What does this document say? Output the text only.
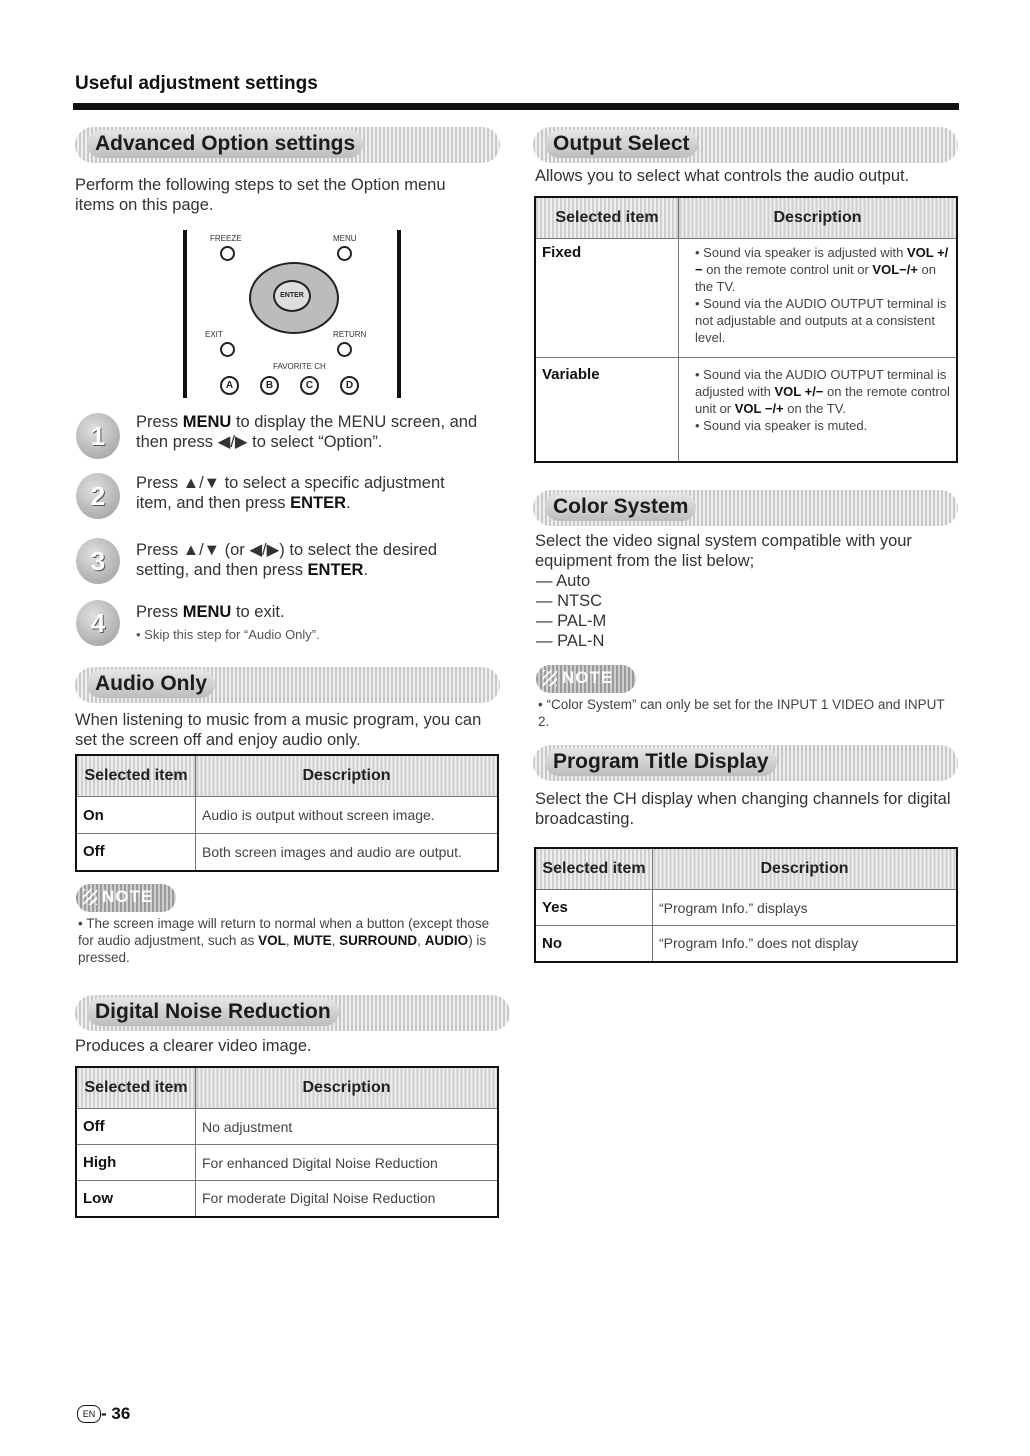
Useful adjustment settings
Advanced Option settings
Perform the following steps to set the Option menu items on this page.
FREEZE	MENU
ENTER
EXIT	RETURN
FAVORITE CH
A	B	C	D
1	Press MENU to display the MENU screen, and then press ◀/▶ to select “Option”.
2	Press ▲/▼ to select a specific adjustment item, and then press ENTER.
3	Press ▲/▼ (or ◀/▶) to select the desired setting, and then press ENTER.
4	Press MENU to exit.
• Skip this step for “Audio Only”.
Audio Only
When listening to music from a music program, you can set the screen off and enjoy audio only.
Selected item	Description
On	Audio is output without screen image.
Off	Both screen images and audio are output.
NOTE
• The screen image will return to normal when a button (except those for audio adjustment, such as VOL, MUTE, SURROUND, AUDIO) is pressed.
Digital Noise Reduction
Produces a clearer video image.
Selected item	Description
Off	No adjustment
High	For enhanced Digital Noise Reduction
Low	For moderate Digital Noise Reduction
Output Select
Allows you to select what controls the audio output.
Selected item	Description
Fixed	• Sound via speaker is adjusted with VOL +/− on the remote control unit or VOL−/+ on the TV.
• Sound via the AUDIO OUTPUT terminal is not adjustable and outputs at a consistent level.

Variable	• Sound via the AUDIO OUTPUT terminal is adjusted with VOL +/− on the remote control unit or VOL −/+ on the TV.
• Sound via speaker is muted.
Color System
Select the video signal system compatible with your equipment from the list below;
— Auto
— NTSC
— PAL-M
— PAL-N
NOTE
• “Color System” can only be set for the INPUT 1 VIDEO and INPUT 2.
Program Title Display
Select the CH display when changing channels for digital broadcasting.
Selected item	Description
Yes	“Program Info.” displays
No	“Program Info.” does not display
EN - 36
